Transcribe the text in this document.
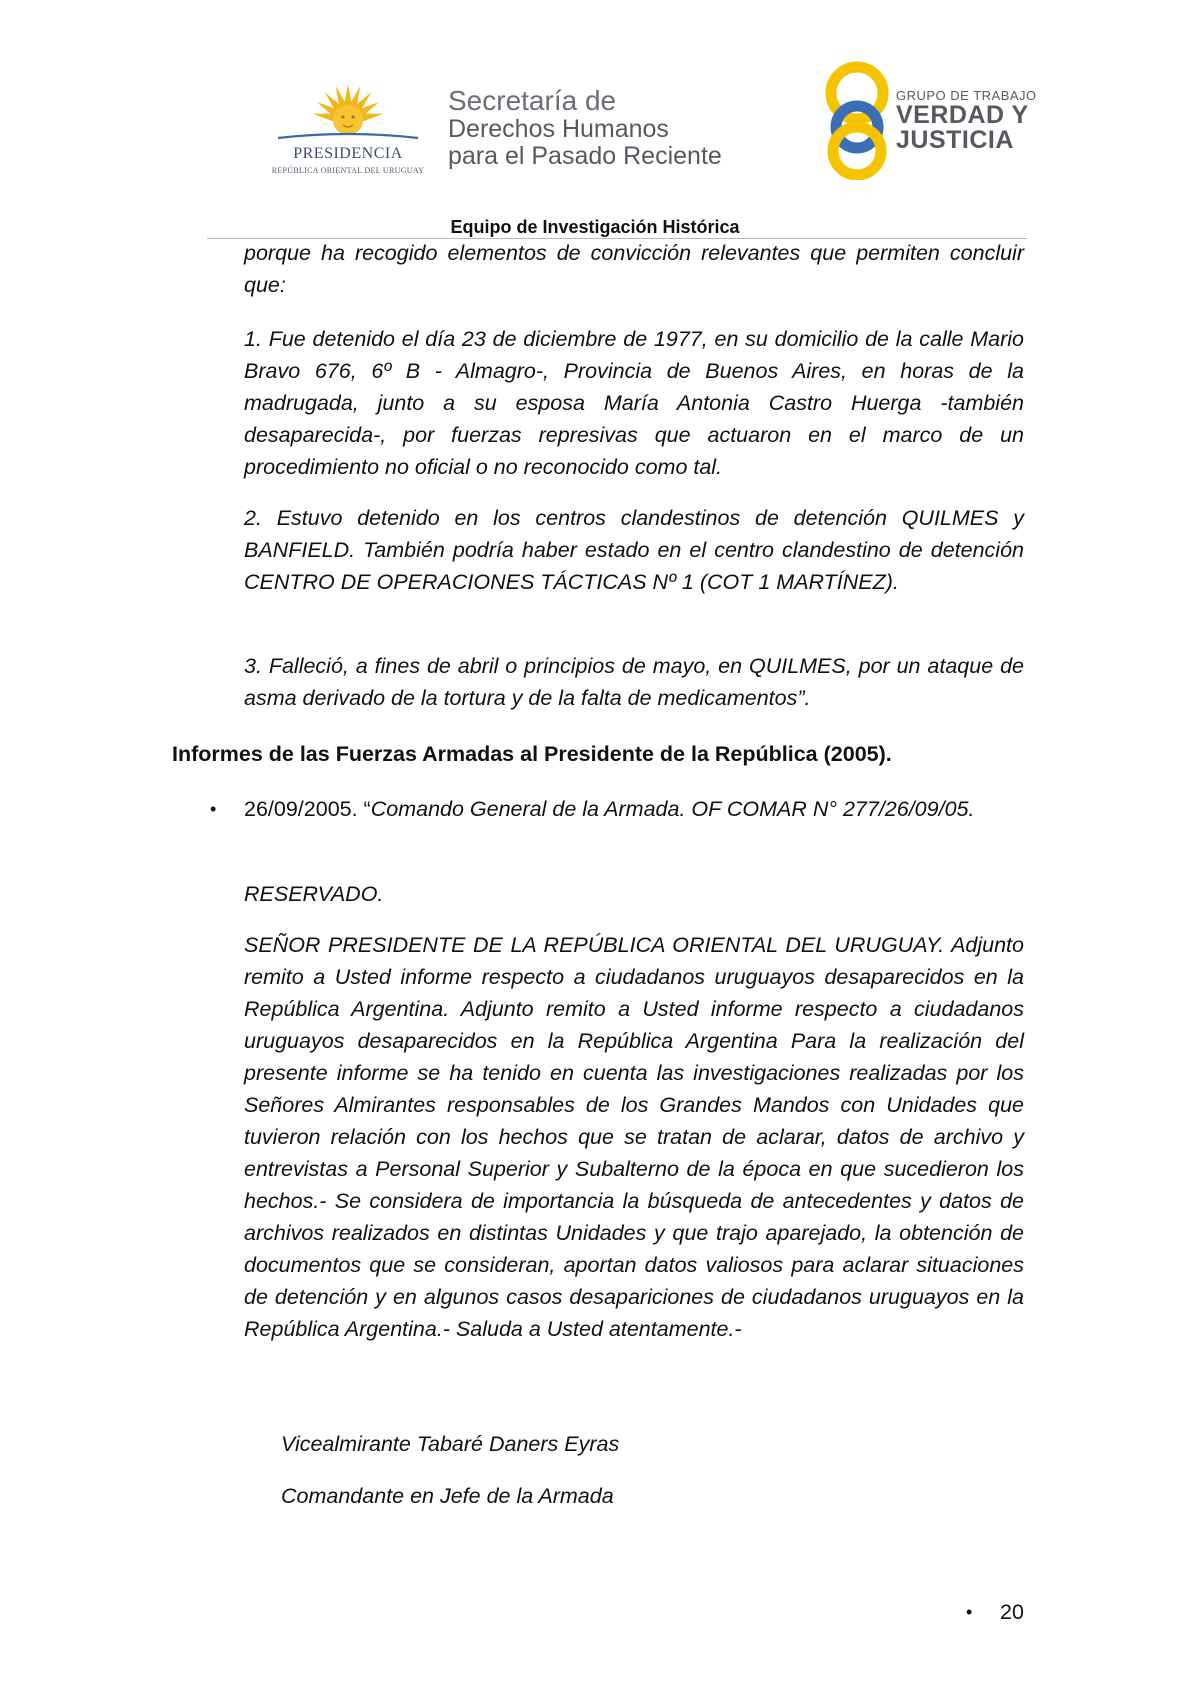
PRESIDENCIA
REPÚBLICA ORIENTAL DEL URUGUAY
Secretaría de
Derechos Humanos
para el Pasado Reciente
GRUPO DE TRABAJO
VERDAD Y
JUSTICIA
Equipo de Investigación Histórica
porque ha recogido elementos de convicción relevantes que permiten concluir que:
1. Fue detenido el día 23 de diciembre de 1977, en su domicilio de la calle Mario Bravo 676, 6º B - Almagro-, Provincia de Buenos Aires, en horas de la madrugada, junto a su esposa María Antonia Castro Huerga -también desaparecida-, por fuerzas represivas que actuaron en el marco de un procedimiento no oficial o no reconocido como tal.
2. Estuvo detenido en los centros clandestinos de detención QUILMES y BANFIELD. También podría haber estado en el centro clandestino de detención CENTRO DE OPERACIONES TÁCTICAS Nº 1 (COT 1 MARTÍNEZ).
3. Falleció, a fines de abril o principios de mayo, en QUILMES, por un ataque de asma derivado de la tortura y de la falta de medicamentos”.
Informes de las Fuerzas Armadas al Presidente de la República (2005).
• 26/09/2005. “Comando General de la Armada. OF COMAR N° 277/26/09/05.
RESERVADO.
SEÑOR PRESIDENTE DE LA REPÚBLICA ORIENTAL DEL URUGUAY. Adjunto remito a Usted informe respecto a ciudadanos uruguayos desaparecidos en la República Argentina. Adjunto remito a Usted informe respecto a ciudadanos uruguayos desaparecidos en la República Argentina Para la realización del presente informe se ha tenido en cuenta las investigaciones realizadas por los Señores Almirantes responsables de los Grandes Mandos con Unidades que tuvieron relación con los hechos que se tratan de aclarar, datos de archivo y entrevistas a Personal Superior y Subalterno de la época en que sucedieron los hechos.- Se considera de importancia la búsqueda de antecedentes y datos de archivos realizados en distintas Unidades y que trajo aparejado, la obtención de documentos que se consideran, aportan datos valiosos para aclarar situaciones de detención y en algunos casos desapariciones de ciudadanos uruguayos en la República Argentina.- Saluda a Usted atentamente.-
Vicealmirante Tabaré Daners Eyras
Comandante en Jefe de la Armada
• 20
